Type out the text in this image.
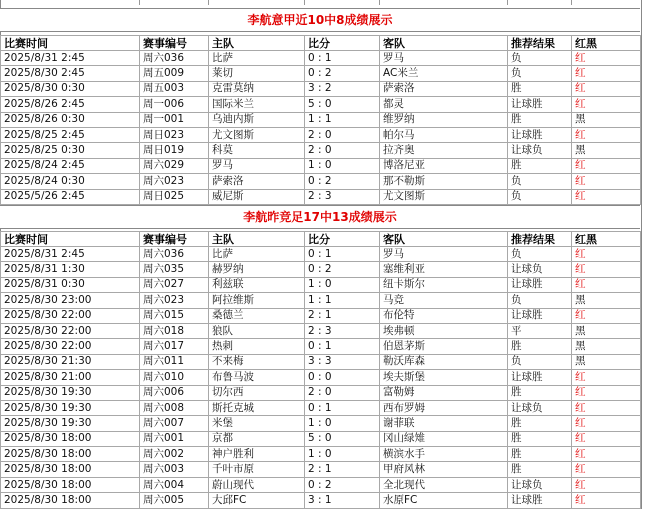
李航意甲近10中8成绩展示
比赛时间	赛事编号	主队	比分	客队	推荐结果	红黑
2025/8/31 2:45	周六036	比萨	0 : 1	罗马	负	红
2025/8/30 2:45	周五009	莱切	0 : 2	AC米兰	负	红
2025/8/30 0:30	周五003	克雷莫纳	3 : 2	萨索洛	胜	红
2025/8/26 2:45	周一006	国际米兰	5 : 0	都灵	让球胜	红
2025/8/26 0:30	周一001	乌迪内斯	1 : 1	维罗纳	胜	黑
2025/8/25 2:45	周日023	尤文图斯	2 : 0	帕尔马	让球胜	红
2025/8/25 0:30	周日019	科莫	2 : 0	拉齐奥	让球负	黑
2025/8/24 2:45	周六029	罗马	1 : 0	博洛尼亚	胜	红
2025/8/24 0:30	周六023	萨索洛	0 : 2	那不勒斯	负	红
2025/5/26 2:45	周日025	威尼斯	2 : 3	尤文图斯	负	红
李航昨竞足17中13成绩展示
比赛时间	赛事编号	主队	比分	客队	推荐结果	红黑
2025/8/31 2:45	周六036	比萨	0 : 1	罗马	负	红
2025/8/31 1:30	周六035	赫罗纳	0 : 2	塞维利亚	让球负	红
2025/8/31 0:30	周六027	利兹联	1 : 0	纽卡斯尔	让球胜	红
2025/8/30 23:00	周六023	阿拉维斯	1 : 1	马竞	负	黑
2025/8/30 22:00	周六015	桑德兰	2 : 1	布伦特	让球胜	红
2025/8/30 22:00	周六018	狼队	2 : 3	埃弗顿	平	黑
2025/8/30 22:00	周六017	热刺	0 : 1	伯恩茅斯	胜	黑
2025/8/30 21:30	周六011	不来梅	3 : 3	勒沃库森	负	黑
2025/8/30 21:00	周六010	布鲁马波	0 : 0	埃夫斯堡	让球胜	红
2025/8/30 19:30	周六006	切尔西	2 : 0	富勒姆	胜	红
2025/8/30 19:30	周六008	斯托克城	0 : 1	西布罗姆	让球负	红
2025/8/30 19:30	周六007	米堡	1 : 0	谢菲联	胜	红
2025/8/30 18:00	周六001	京都	5 : 0	冈山绿雉	胜	红
2025/8/30 18:00	周六002	神户胜利	1 : 0	横滨水手	胜	红
2025/8/30 18:00	周六003	千叶市原	2 : 1	甲府风林	胜	红
2025/8/30 18:00	周六004	蔚山现代	0 : 2	全北现代	让球负	红
2025/8/30 18:00	周六005	大邱FC	3 : 1	水原FC	让球胜	红
